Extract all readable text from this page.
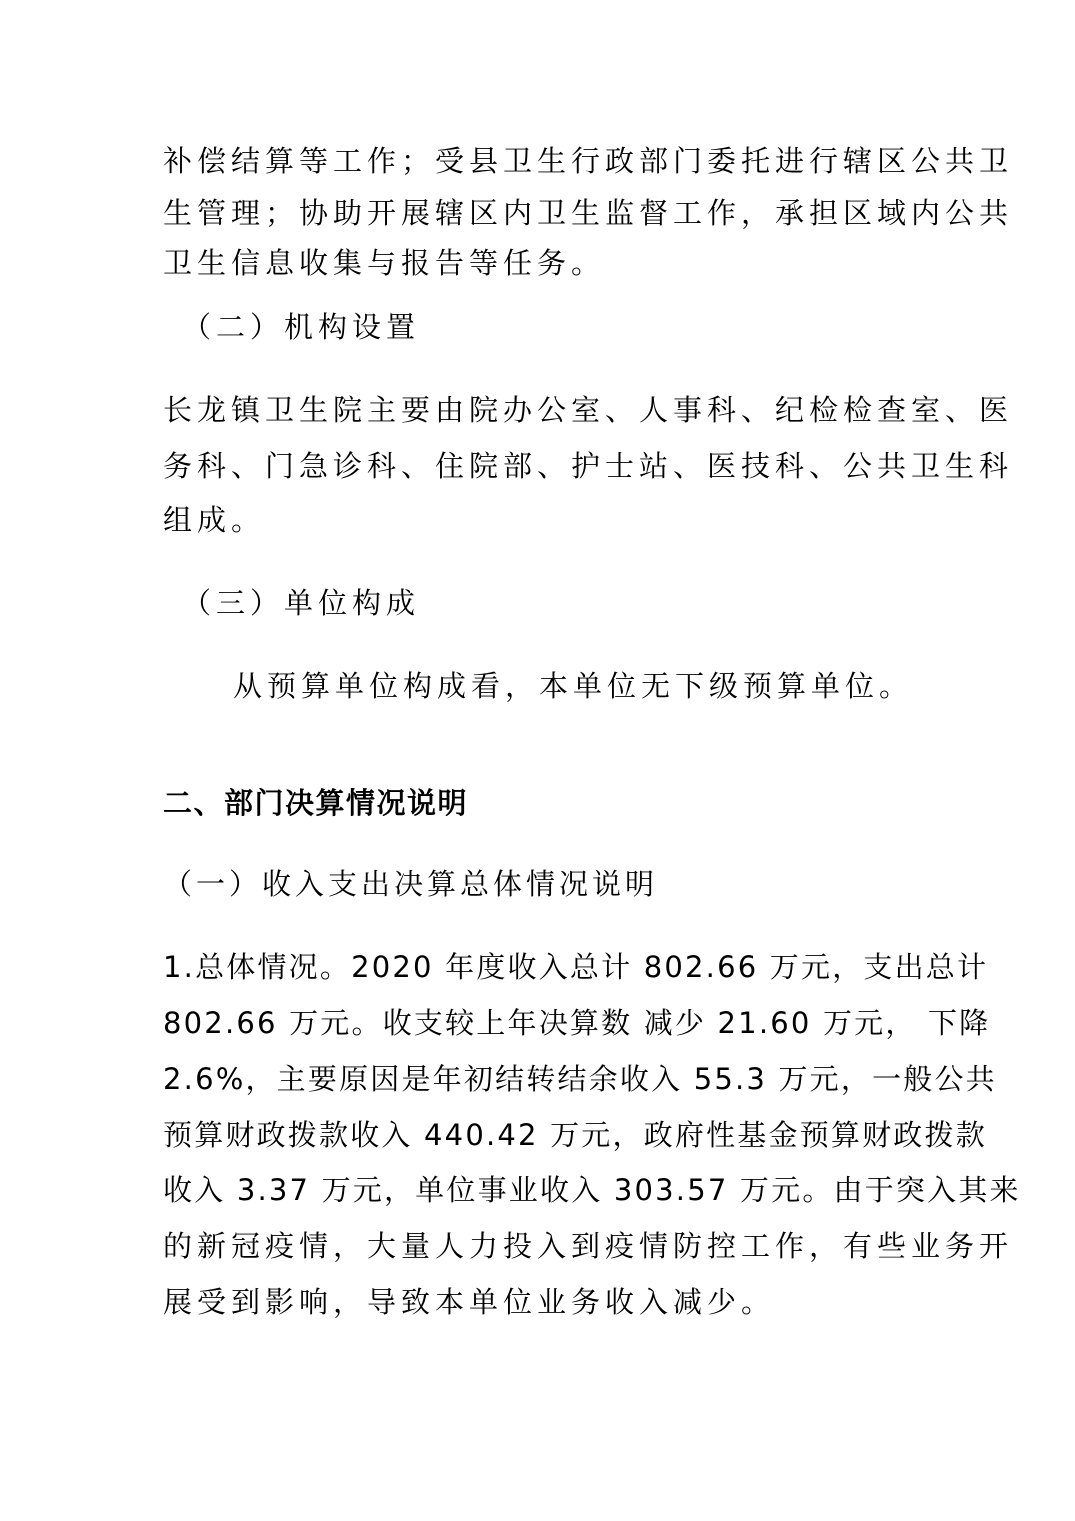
补偿结算等工作；受县卫生行政部门委托进行辖区公共卫
生管理；协助开展辖区内卫生监督工作，承担区域内公共
卫生信息收集与报告等任务。
（二）机构设置
长龙镇卫生院主要由院办公室、人事科、纪检检查室、医
务科、门急诊科、住院部、护士站、医技科、公共卫生科
组成。
（三）单位构成
从预算单位构成看，本单位无下级预算单位。
二、部门决算情况说明
（一）收入支出决算总体情况说明
1.总体情况。2020 年度收入总计 802.66 万元，支出总计
802.66 万元。收支较上年决算数 减少 21.60 万元， 下降
2.6%，主要原因是年初结转结余收入 55.3 万元，一般公共
预算财政拨款收入 440.42 万元，政府性基金预算财政拨款
收入 3.37 万元，单位事业收入 303.57 万元。由于突入其来
的新冠疫情，大量人力投入到疫情防控工作，有些业务开
展受到影响，导致本单位业务收入减少。
